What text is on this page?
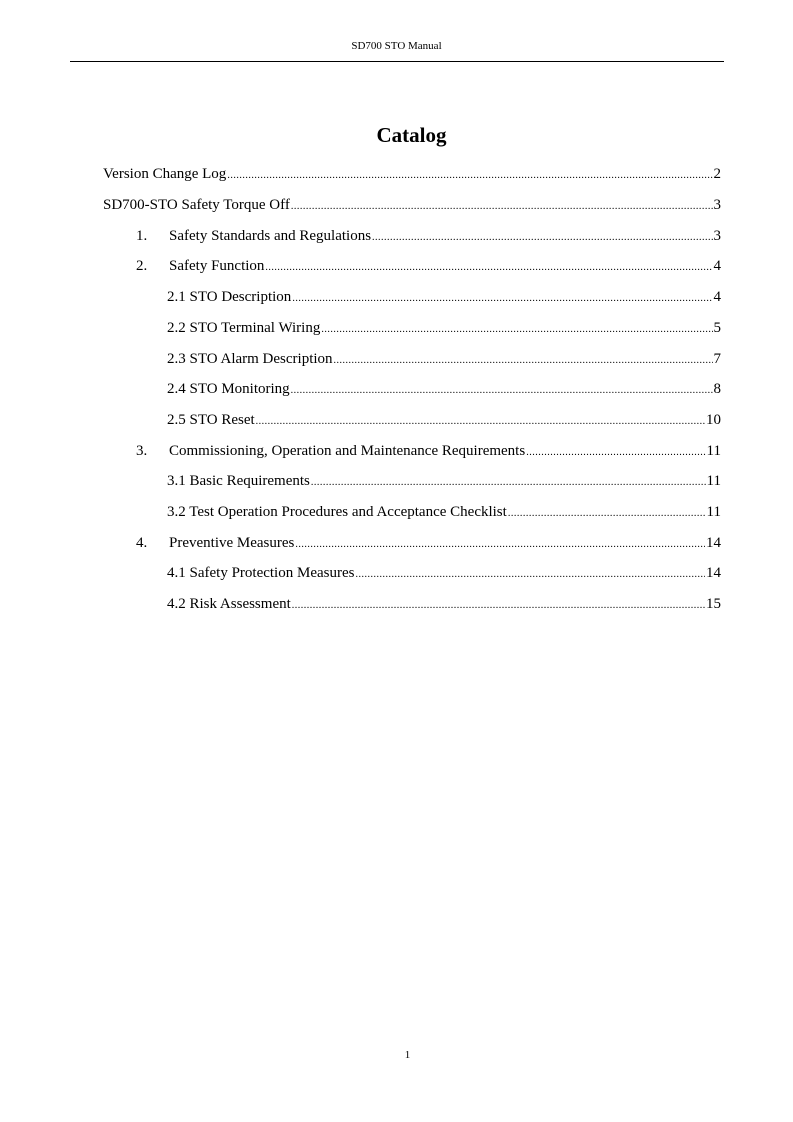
SD700 STO Manual
Catalog
Version Change Log .....	2
SD700-STO Safety Torque Off .....	3
1.	Safety Standards and Regulations .....	3
2.	Safety Function .....	4
2.1 STO Description .....	4
2.2 STO Terminal Wiring .....	5
2.3 STO Alarm Description .....	7
2.4 STO Monitoring .....	8
2.5 STO Reset .....	10
3.	Commissioning, Operation and Maintenance Requirements .....	11
3.1 Basic Requirements .....	11
3.2 Test Operation Procedures and Acceptance Checklist .....	11
4.	Preventive Measures .....	14
4.1 Safety Protection Measures .....	14
4.2 Risk Assessment .....	15
1
